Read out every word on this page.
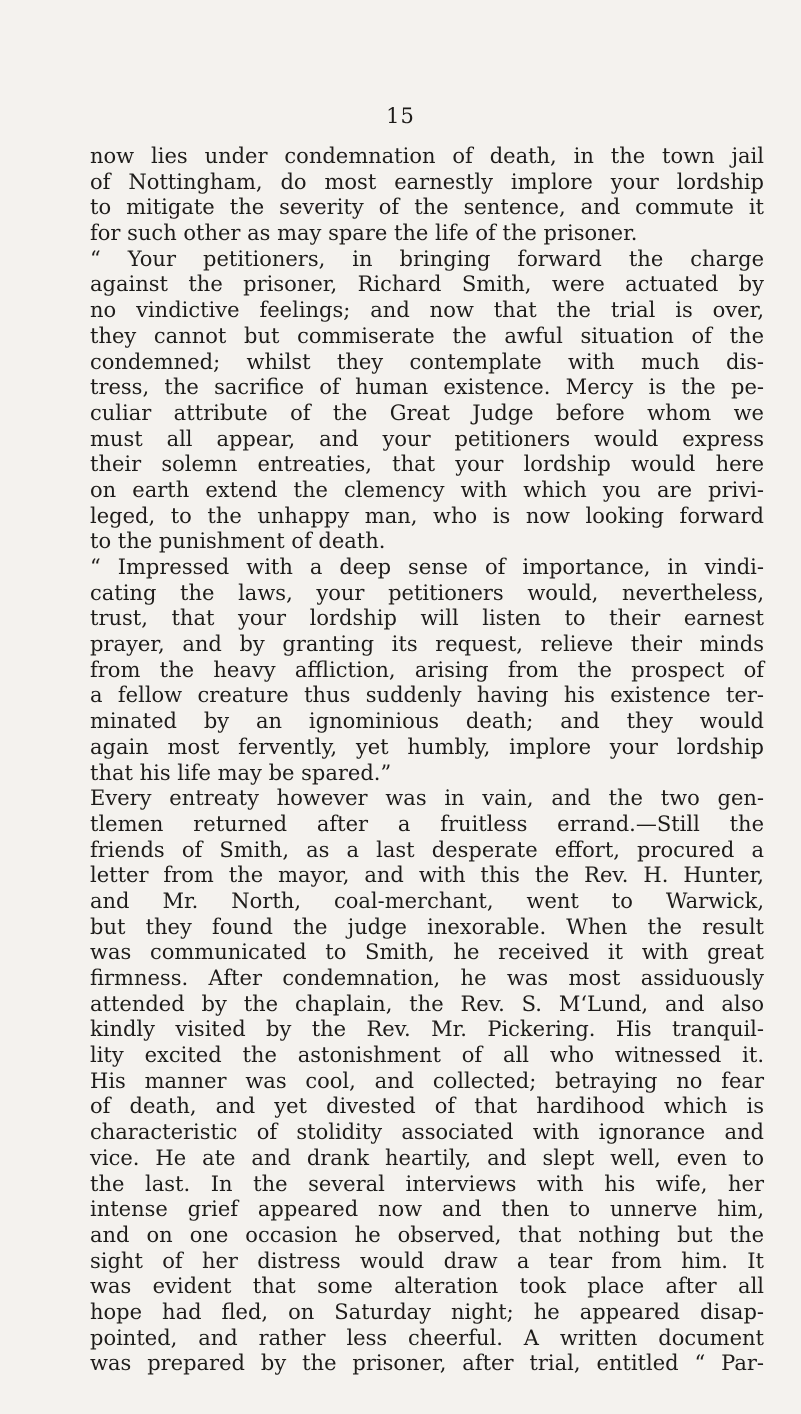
15
now lies under condemnation of death, in the town jail
of Nottingham, do most earnestly implore your lordship
to mitigate the severity of the sentence, and commute it
for such other as may spare the life of the prisoner.
“ Your petitioners, in bringing forward the charge
against the prisoner, Richard Smith, were actuated by
no vindictive feelings; and now that the trial is over,
they cannot but commiserate the awful situation of the
condemned; whilst they contemplate with much dis-
tress, the sacrifice of human existence. Mercy is the pe-
culiar attribute of the Great Judge before whom we
must all appear, and your petitioners would express
their solemn entreaties, that your lordship would here
on earth extend the clemency with which you are privi-
leged, to the unhappy man, who is now looking forward
to the punishment of death.
“ Impressed with a deep sense of importance, in vindi-
cating the laws, your petitioners would, nevertheless,
trust, that your lordship will listen to their earnest
prayer, and by granting its request, relieve their minds
from the heavy affliction, arising from the prospect of
a fellow creature thus suddenly having his existence ter-
minated by an ignominious death; and they would
again most fervently, yet humbly, implore your lordship
that his life may be spared.”
Every entreaty however was in vain, and the two gen-
tlemen returned after a fruitless errand.—Still the
friends of Smith, as a last desperate effort, procured a
letter from the mayor, and with this the Rev. H. Hunter,
and Mr. North, coal-merchant, went to Warwick,
but they found the judge inexorable. When the result
was communicated to Smith, he received it with great
firmness. After condemnation, he was most assiduously
attended by the chaplain, the Rev. S. M‘Lund, and also
kindly visited by the Rev. Mr. Pickering. His tranquil-
lity excited the astonishment of all who witnessed it.
His manner was cool, and collected; betraying no fear
of death, and yet divested of that hardihood which is
characteristic of stolidity associated with ignorance and
vice. He ate and drank heartily, and slept well, even to
the last. In the several interviews with his wife, her
intense grief appeared now and then to unnerve him,
and on one occasion he observed, that nothing but the
sight of her distress would draw a tear from him. It
was evident that some alteration took place after all
hope had fled, on Saturday night; he appeared disap-
pointed, and rather less cheerful. A written document
was prepared by the prisoner, after trial, entitled “ Par-
